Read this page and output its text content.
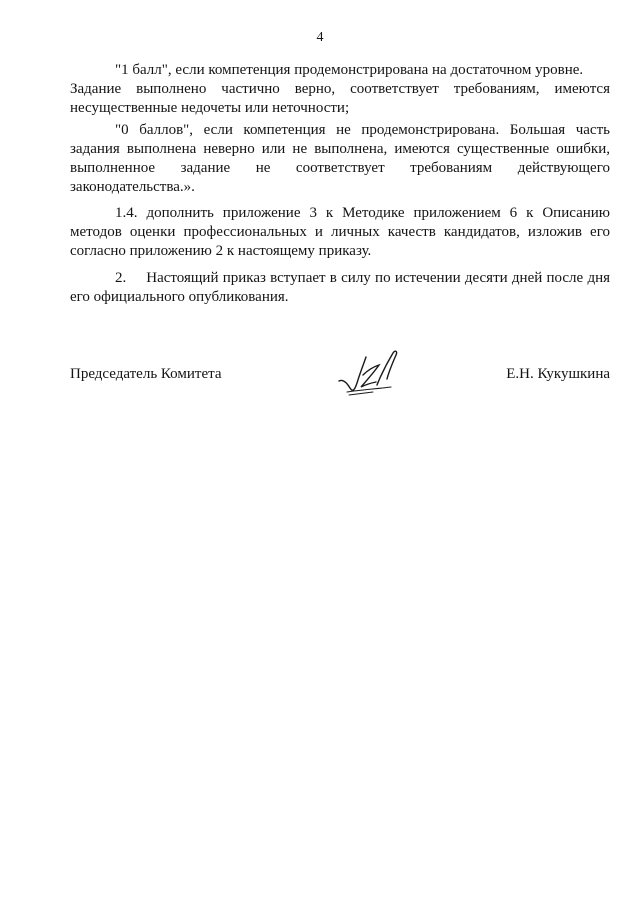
4

"1 балл", если компетенция продемонстрирована на достаточном уровне.

Задание выполнено частично верно, соответствует требованиям, имеются несущественные недочеты или неточности;

"0 баллов", если компетенция не продемонстрирована. Большая часть задания выполнена неверно или не выполнена, имеются существенные ошибки, выполненное задание не соответствует требованиям действующего законодательства.».

1.4. дополнить приложение 3 к Методике приложением 6 к Описанию методов оценки профессиональных и личных качеств кандидатов, изложив его согласно приложению 2 к настоящему приказу.

2. Настоящий приказ вступает в силу по истечении десяти дней после дня его официального опубликования.

Председатель Комитета	Е.Н. Кукушкина
